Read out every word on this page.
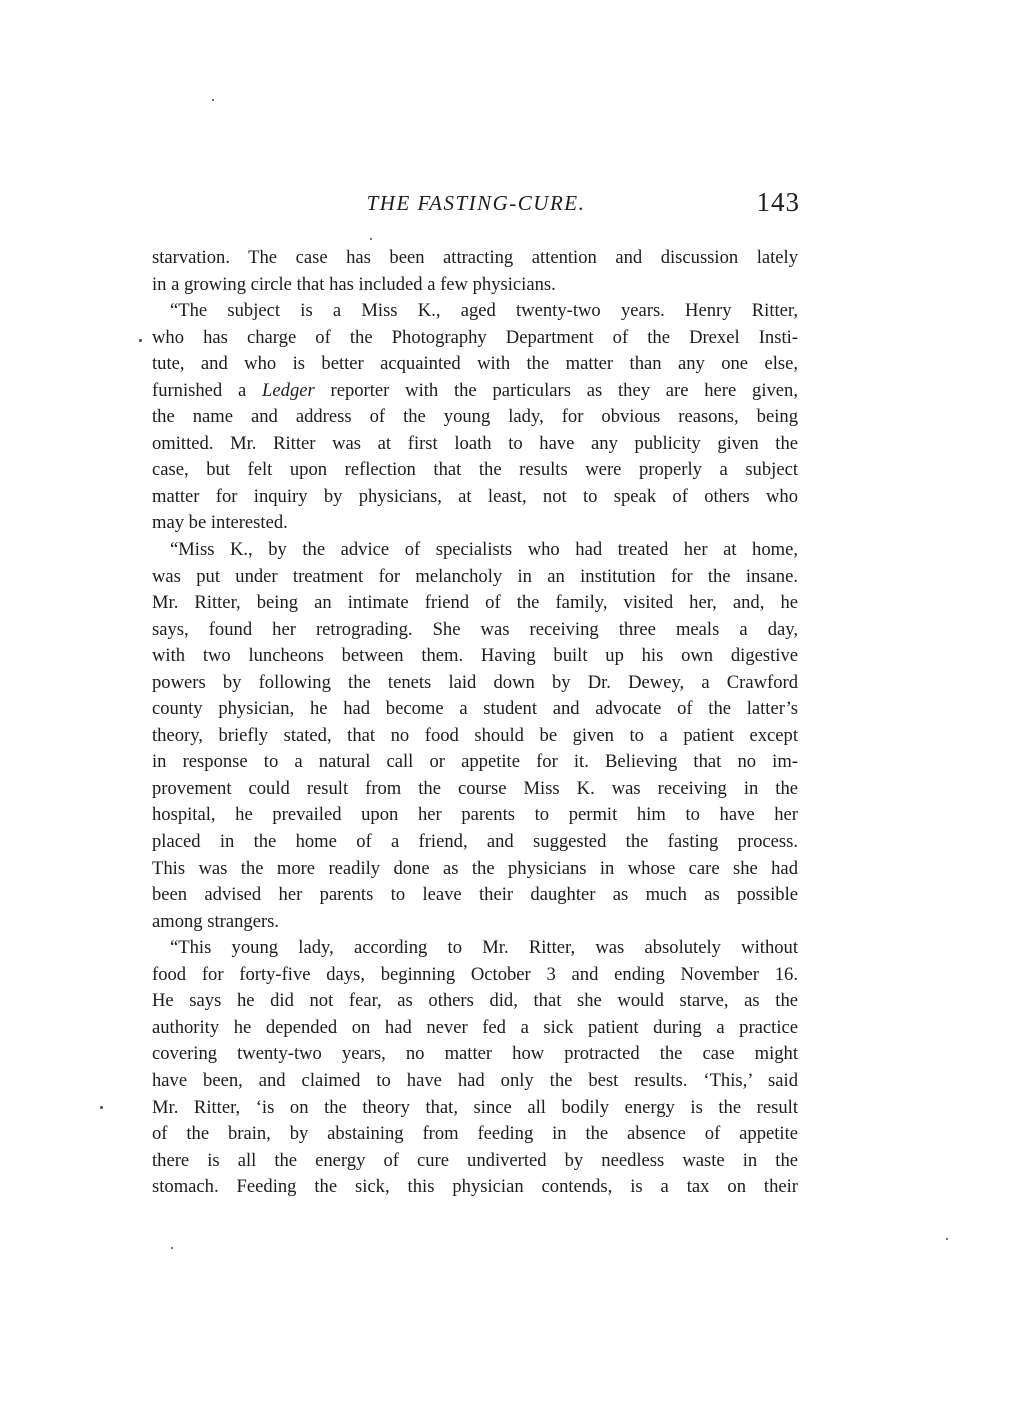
THE FASTING-CURE.	143
starvation. The case has been attracting attention and discussion lately
in a growing circle that has included a few physicians.
“The subject is a Miss K., aged twenty-two years. Henry Ritter,
who has charge of the Photography Department of the Drexel Insti-
tute, and who is better acquainted with the matter than any one else,
furnished a Ledger reporter with the particulars as they are here given,
the name and address of the young lady, for obvious reasons, being
omitted. Mr. Ritter was at first loath to have any publicity given the
case, but felt upon reflection that the results were properly a subject
matter for inquiry by physicians, at least, not to speak of others who
may be interested.
“Miss K., by the advice of specialists who had treated her at home,
was put under treatment for melancholy in an institution for the insane.
Mr. Ritter, being an intimate friend of the family, visited her, and, he
says, found her retrograding. She was receiving three meals a day,
with two luncheons between them. Having built up his own digestive
powers by following the tenets laid down by Dr. Dewey, a Crawford
county physician, he had become a student and advocate of the latter’s
theory, briefly stated, that no food should be given to a patient except
in response to a natural call or appetite for it. Believing that no im-
provement could result from the course Miss K. was receiving in the
hospital, he prevailed upon her parents to permit him to have her
placed in the home of a friend, and suggested the fasting process.
This was the more readily done as the physicians in whose care she had
been advised her parents to leave their daughter as much as possible
among strangers.
“This young lady, according to Mr. Ritter, was absolutely without
food for forty-five days, beginning October 3 and ending November 16.
He says he did not fear, as others did, that she would starve, as the
authority he depended on had never fed a sick patient during a practice
covering twenty-two years, no matter how protracted the case might
have been, and claimed to have had only the best results. ‘This,’ said
Mr. Ritter, ‘is on the theory that, since all bodily energy is the result
of the brain, by abstaining from feeding in the absence of appetite
there is all the energy of cure undiverted by needless waste in the
stomach. Feeding the sick, this physician contends, is a tax on their
